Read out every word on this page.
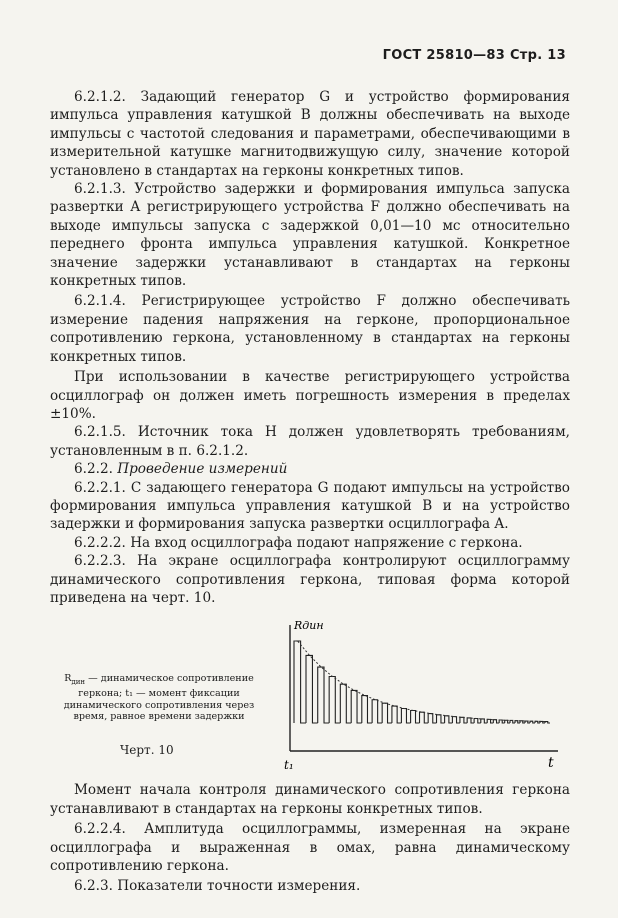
ГОСТ 25810—83 Стр. 13

6.2.1.2. Задающий генератор G и устройство формирования импульса управления катушкой B должны обеспечивать на выходе импульсы с частотой следования и параметрами, обеспечивающими в измерительной катушке магнитодвижущую силу, значение которой установлено в стандартах на герконы конкретных типов.

6.2.1.3. Устройство задержки и формирования импульса запуска развертки A регистрирующего устройства F должно обеспечивать на выходе импульсы запуска с задержкой 0,01—10 мс относительно переднего фронта импульса управления катушкой. Конкретное значение задержки устанавливают в стандартах на герконы конкретных типов.

6.2.1.4. Регистрирующее устройство F должно обеспечивать измерение падения напряжения на герконе, пропорциональное сопротивлению геркона, установленному в стандартах на герконы конкретных типов.

При использовании в качестве регистрирующего устройства осциллограф он должен иметь погрешность измерения в пределах ±10%.

6.2.1.5. Источник тока H должен удовлетворять требованиям, установленным в п. 6.2.1.2.

6.2.2. Проведение измерений

6.2.2.1. С задающего генератора G подают импульсы на устройство формирования импульса управления катушкой B и на устройство задержки и формирования запуска развертки осциллографа A.

6.2.2.2. На вход осциллографа подают напряжение с геркона.

6.2.2.3. На экране осциллографа контролируют осциллограмму динамического сопротивления геркона, типовая форма которой приведена на черт. 10.

$R_{дин}$ — динамическое сопротивление геркона; t₁ — момент фиксации динамического сопротивления через время, равное времени задержки
Черт. 10
Rдин
t
t₁

Момент начала контроля динамического сопротивления геркона устанавливают в стандартах на герконы конкретных типов.

6.2.2.4. Амплитуда осциллограммы, измеренная на экране осциллографа и выраженная в омах, равна динамическому сопротивлению геркона.

6.2.3. Показатели точности измерения.
